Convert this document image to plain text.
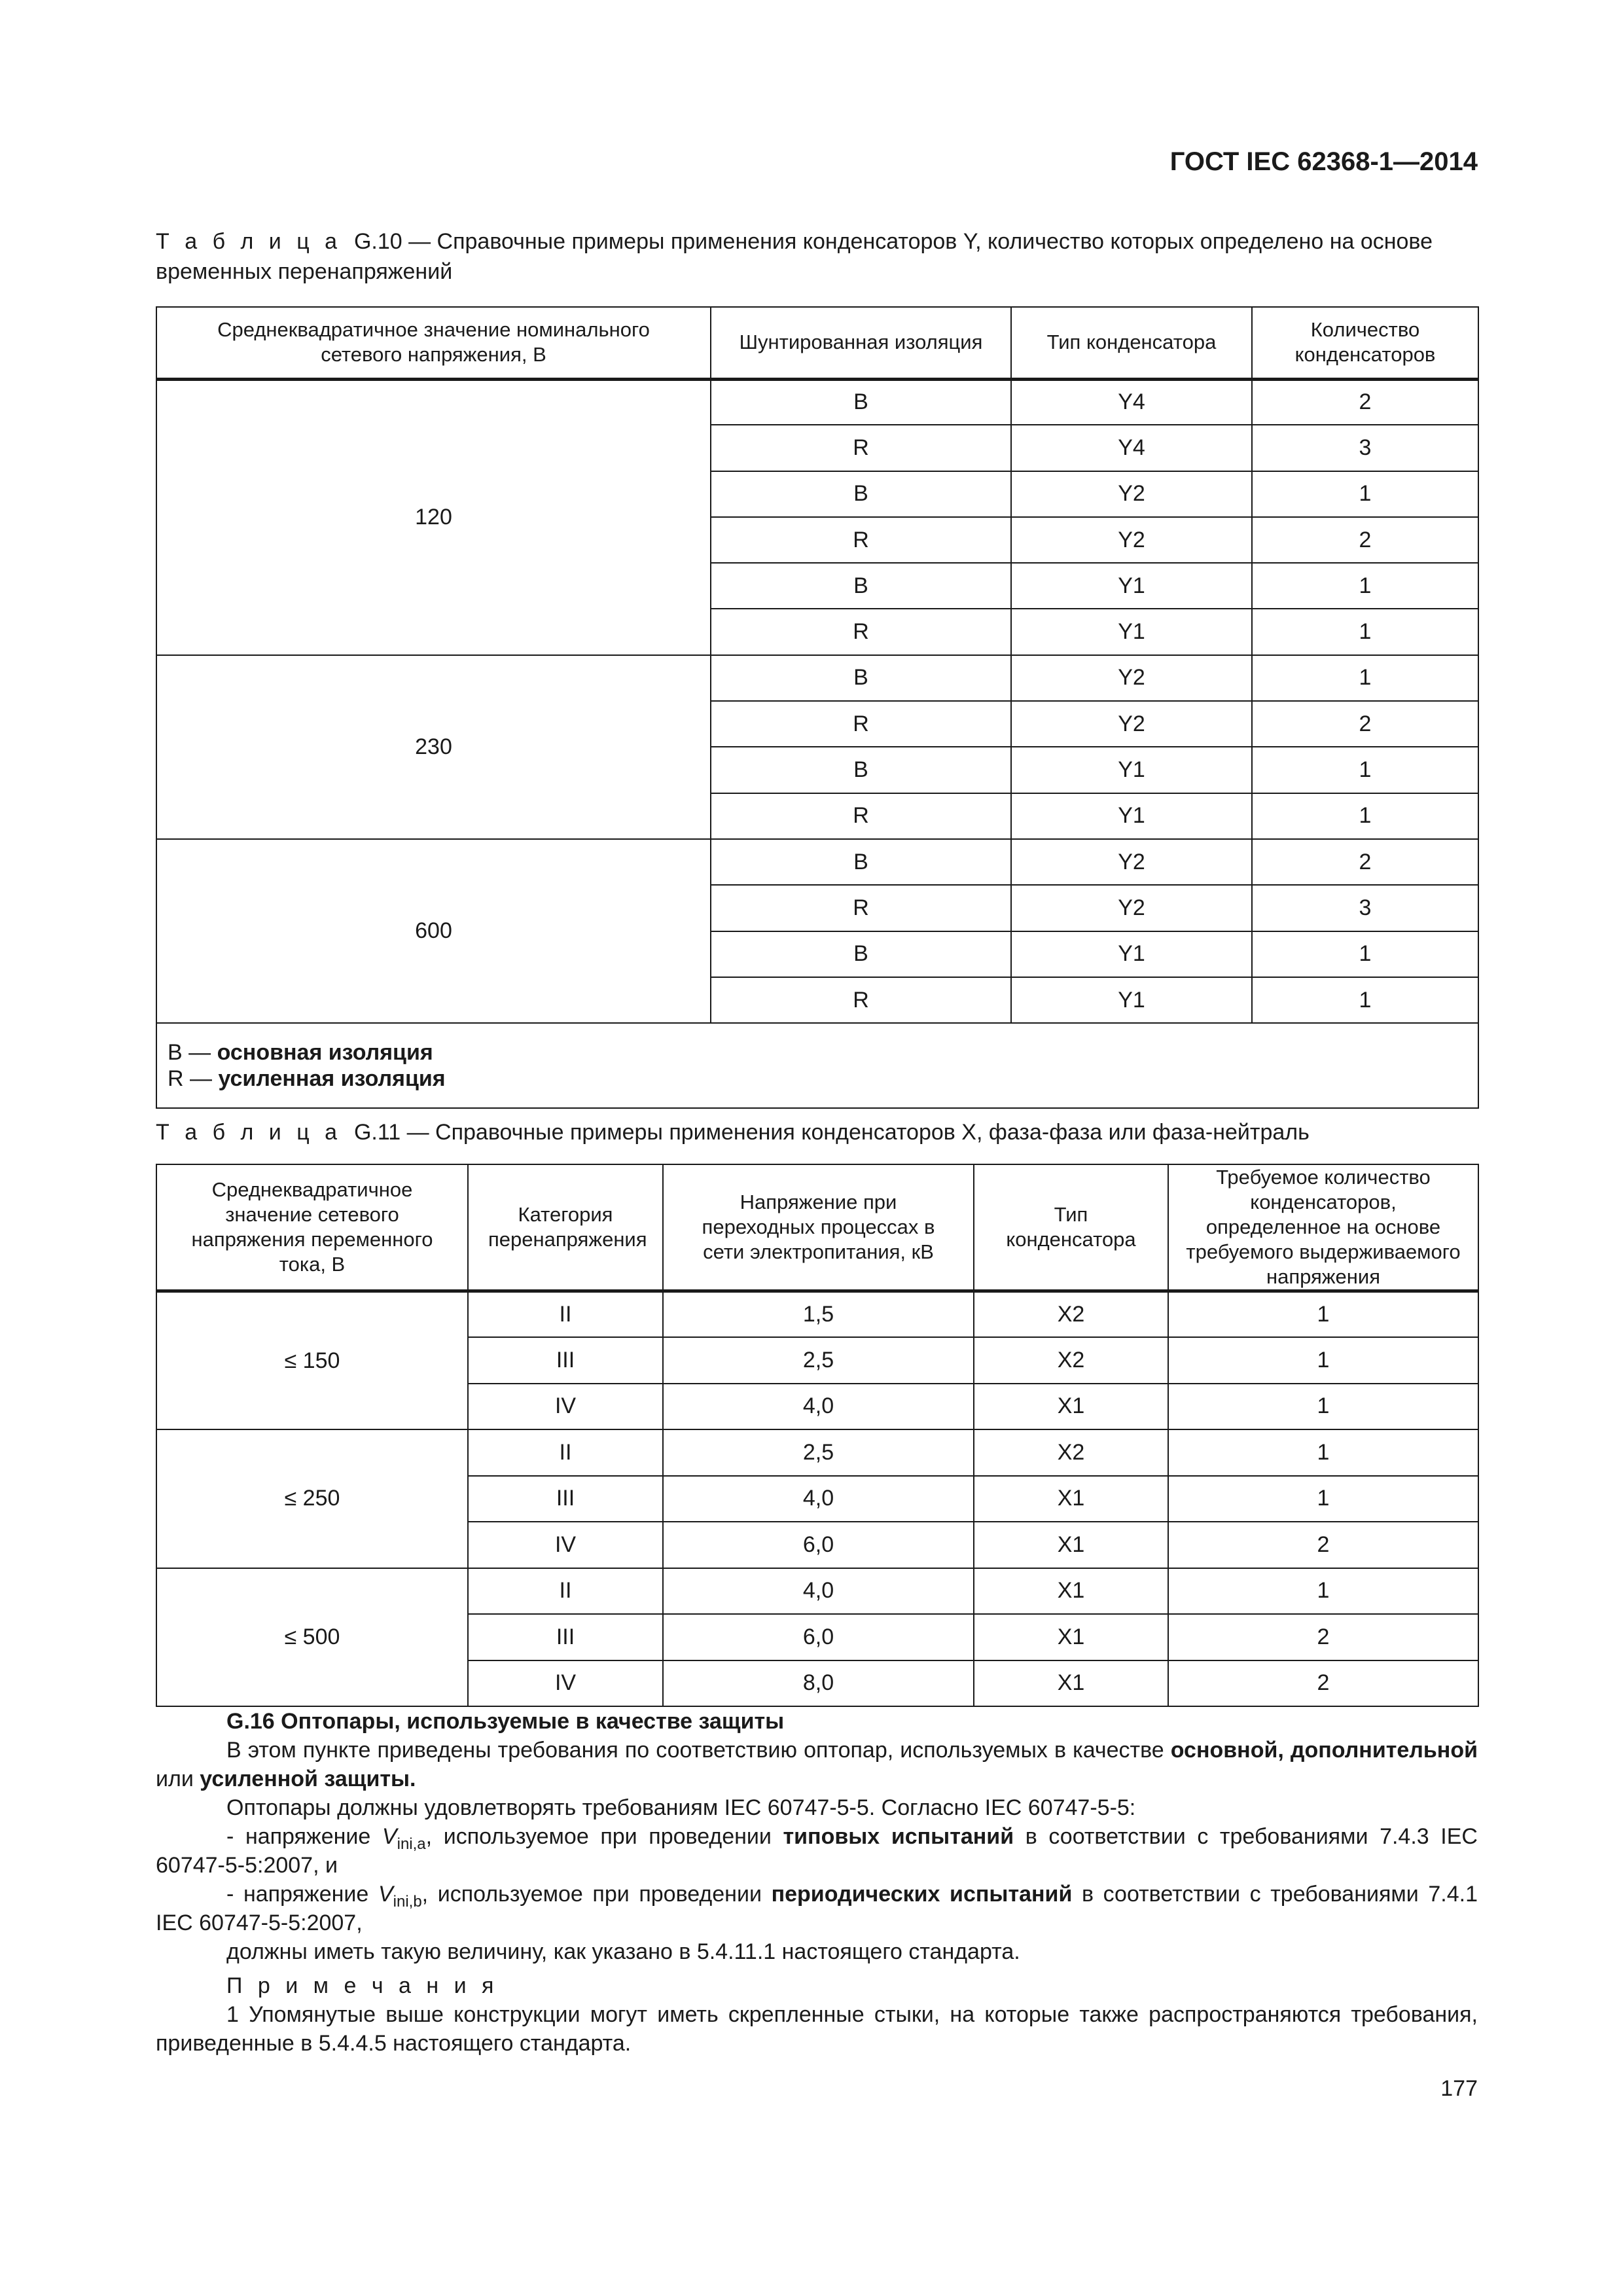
ГОСТ IEC 62368-1—2014
Т а б л и ц а G.10 — Справочные примеры применения конденсаторов Y, количество которых определено на основе временных перенапряжений
Среднеквадратичное значение номинального сетевого напряжения, В	Шунтированная изоляция	Тип конденсатора	Количество конденсаторов
120	B	Y4	2
	R	Y4	3
	B	Y2	1
	R	Y2	2
	B	Y1	1
	R	Y1	1
230	B	Y2	1
	R	Y2	2
	B	Y1	1
	R	Y1	1
600	B	Y2	2
	R	Y2	3
	B	Y1	1
	R	Y1	1

B — основная изоляция
R — усиленная изоляция			
Т а б л и ц а G.11 — Справочные примеры применения конденсаторов X, фаза-фаза или фаза-нейтраль
Среднеквадратичное значение сетевого напряжения переменного тока, В	Категория перенапряжения	Напряжение при переходных процессах в сети электропитания, кВ	Тип конденсатора	Требуемое количество конденсаторов, определенное на основе требуемого выдерживаемого напряжения
≤ 150	II	1,5	X2	1
	III	2,5	X2	1
	IV	4,0	X1	1
≤ 250	II	2,5	X2	1
	III	4,0	X1	1
	IV	6,0	X1	2
≤ 500	II	4,0	X1	1
	III	6,0	X1	2
	IV	8,0	X1	2

G.16 Оптопары, используемые в качестве защиты

В этом пункте приведены требования по соответствию оптопар, используемых в качестве основной, дополнительной или усиленной защиты.

Оптопары должны удовлетворять требованиям IEC 60747-5-5. Согласно IEC 60747-5-5:

- напряжение $V_{ini,a}$, используемое при проведении типовых испытаний в соответствии с требованиями 7.4.3 IEC 60747-5-5:2007, и

- напряжение $V_{ini,b}$, используемое при проведении периодических испытаний в соответствии с требованиями 7.4.1 IEC 60747-5-5:2007,

должны иметь такую величину, как указано в 5.4.11.1 настоящего стандарта.

П р и м е ч а н и я

1 Упомянутые выше конструкции могут иметь скрепленные стыки, на которые также распространяются требования, приведенные в 5.4.4.5 настоящего стандарта.

177
